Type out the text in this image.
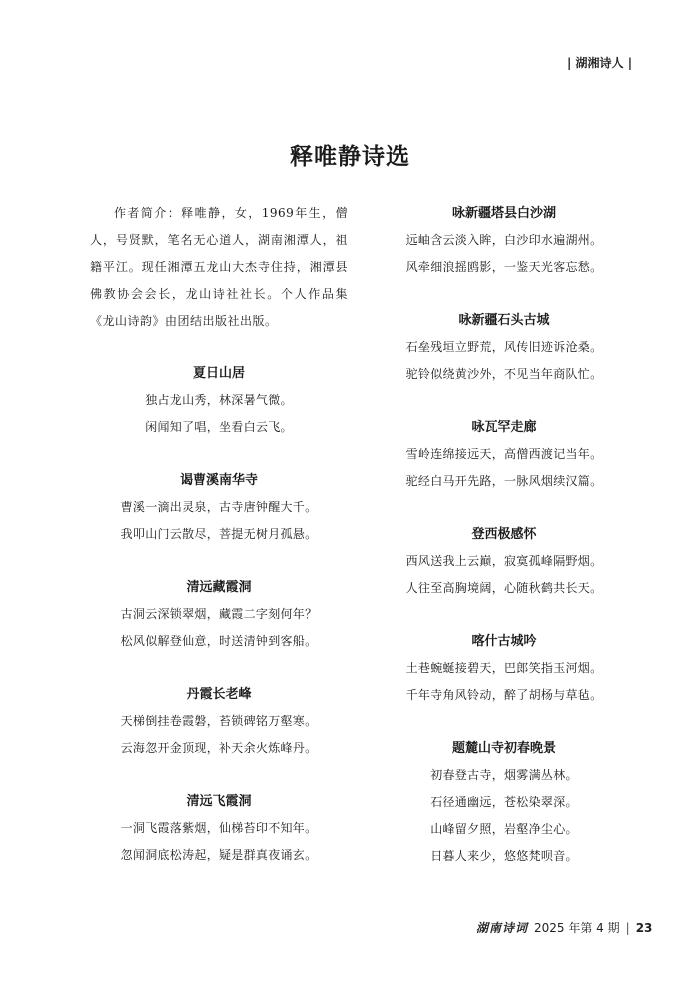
| 湖湘诗人 |
释唯静诗选

作者简介：释唯静，女，1969年生，僧人，号贤默，笔名无心道人，湖南湘潭人，祖籍平江。现任湘潭五龙山大杰寺住持，湘潭县佛教协会会长，龙山诗社社长。个人作品集《龙山诗韵》由团结出版社出版。

夏日山居
独占龙山秀，林深暑气微。
闲闻知了唱，坐看白云飞。
谒曹溪南华寺
曹溪一滴出灵泉，古寺唐钟醒大千。
我叩山门云散尽，菩提无树月孤悬。
清远藏霞洞
古洞云深锁翠烟，藏霞二字刻何年？
松风似解登仙意，时送清钟到客船。
丹霞长老峰
天梯倒挂卷霞磐，苔锁碑铭万壑寒。
云海忽开金顶现，补天余火炼峰丹。
清远飞霞洞
一洞飞霞落紫烟，仙梯苔印不知年。
忽闻洞底松涛起，疑是群真夜诵玄。
咏新疆塔县白沙湖
远岫含云淡入眸，白沙印水遍湖州。
风牵细浪摇鸥影，一鉴天光客忘愁。
咏新疆石头古城
石垒残垣立野荒，风传旧迹诉沧桑。
驼铃似绕黄沙外，不见当年商队忙。
咏瓦罕走廊
雪岭连绵接远天，高僧西渡记当年。
驼经白马开先路，一脉风烟续汉篇。
登西极感怀
西风送我上云巅，寂寞孤峰隔野烟。
人往至高胸境阔，心随秋鹤共长天。
喀什古城吟
土巷蜿蜒接碧天，巴郎笑指玉河烟。
千年寺角风铃动，醉了胡杨与草毡。
题麓山寺初春晚景
初春登古寺，烟雾满丛林。
石径通幽远，苍松染翠深。
山峰留夕照，岩壑净尘心。
日暮人来少，悠悠梵呗音。
湖南诗词 2025 年第 4 期 | 23
